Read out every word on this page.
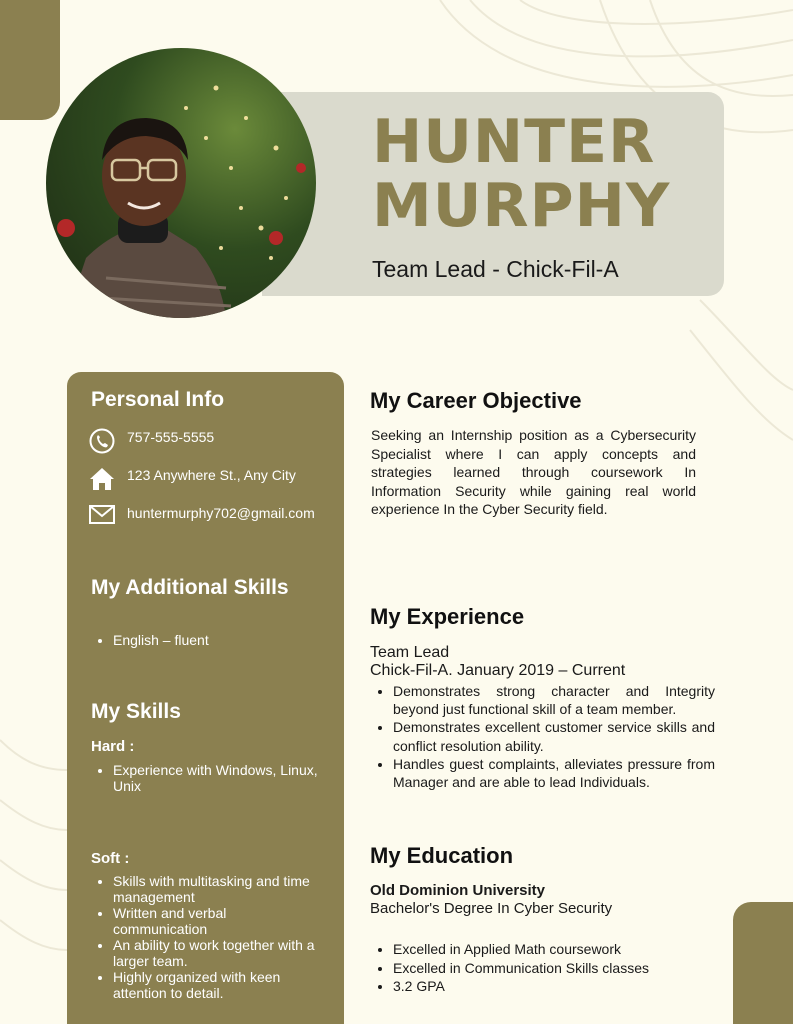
HUNTER
MURPHY
Team Lead - Chick-Fil-A
Personal Info
757-555-5555
123 Anywhere St., Any City
huntermurphy702@gmail.com
My Additional Skills
• English – fluent
My Skills
Hard :
• Experience with Windows, Linux, Unix
Soft :
• Skills with multitasking and time management
• Written and verbal communication
• An ability to work together with a larger team.
• Highly organized with keen attention to detail.
My Career Objective

Seeking an Internship position as a Cybersecurity Specialist where I can apply concepts and strategies learned through coursework In Information Security while gaining real world experience In the Cyber Security field.

My Experience
Team Lead
Chick-Fil-A. January 2019 – Current
• Demonstrates strong character and Integrity beyond just functional skill of a team member.
• Demonstrates excellent customer service skills and conflict resolution ability.
• Handles guest complaints, alleviates pressure from Manager and are able to lead Individuals.
My Education
Old Dominion University
Bachelor's Degree In Cyber Security
• Excelled in Applied Math coursework
• Excelled in Communication Skills classes
• 3.2 GPA
